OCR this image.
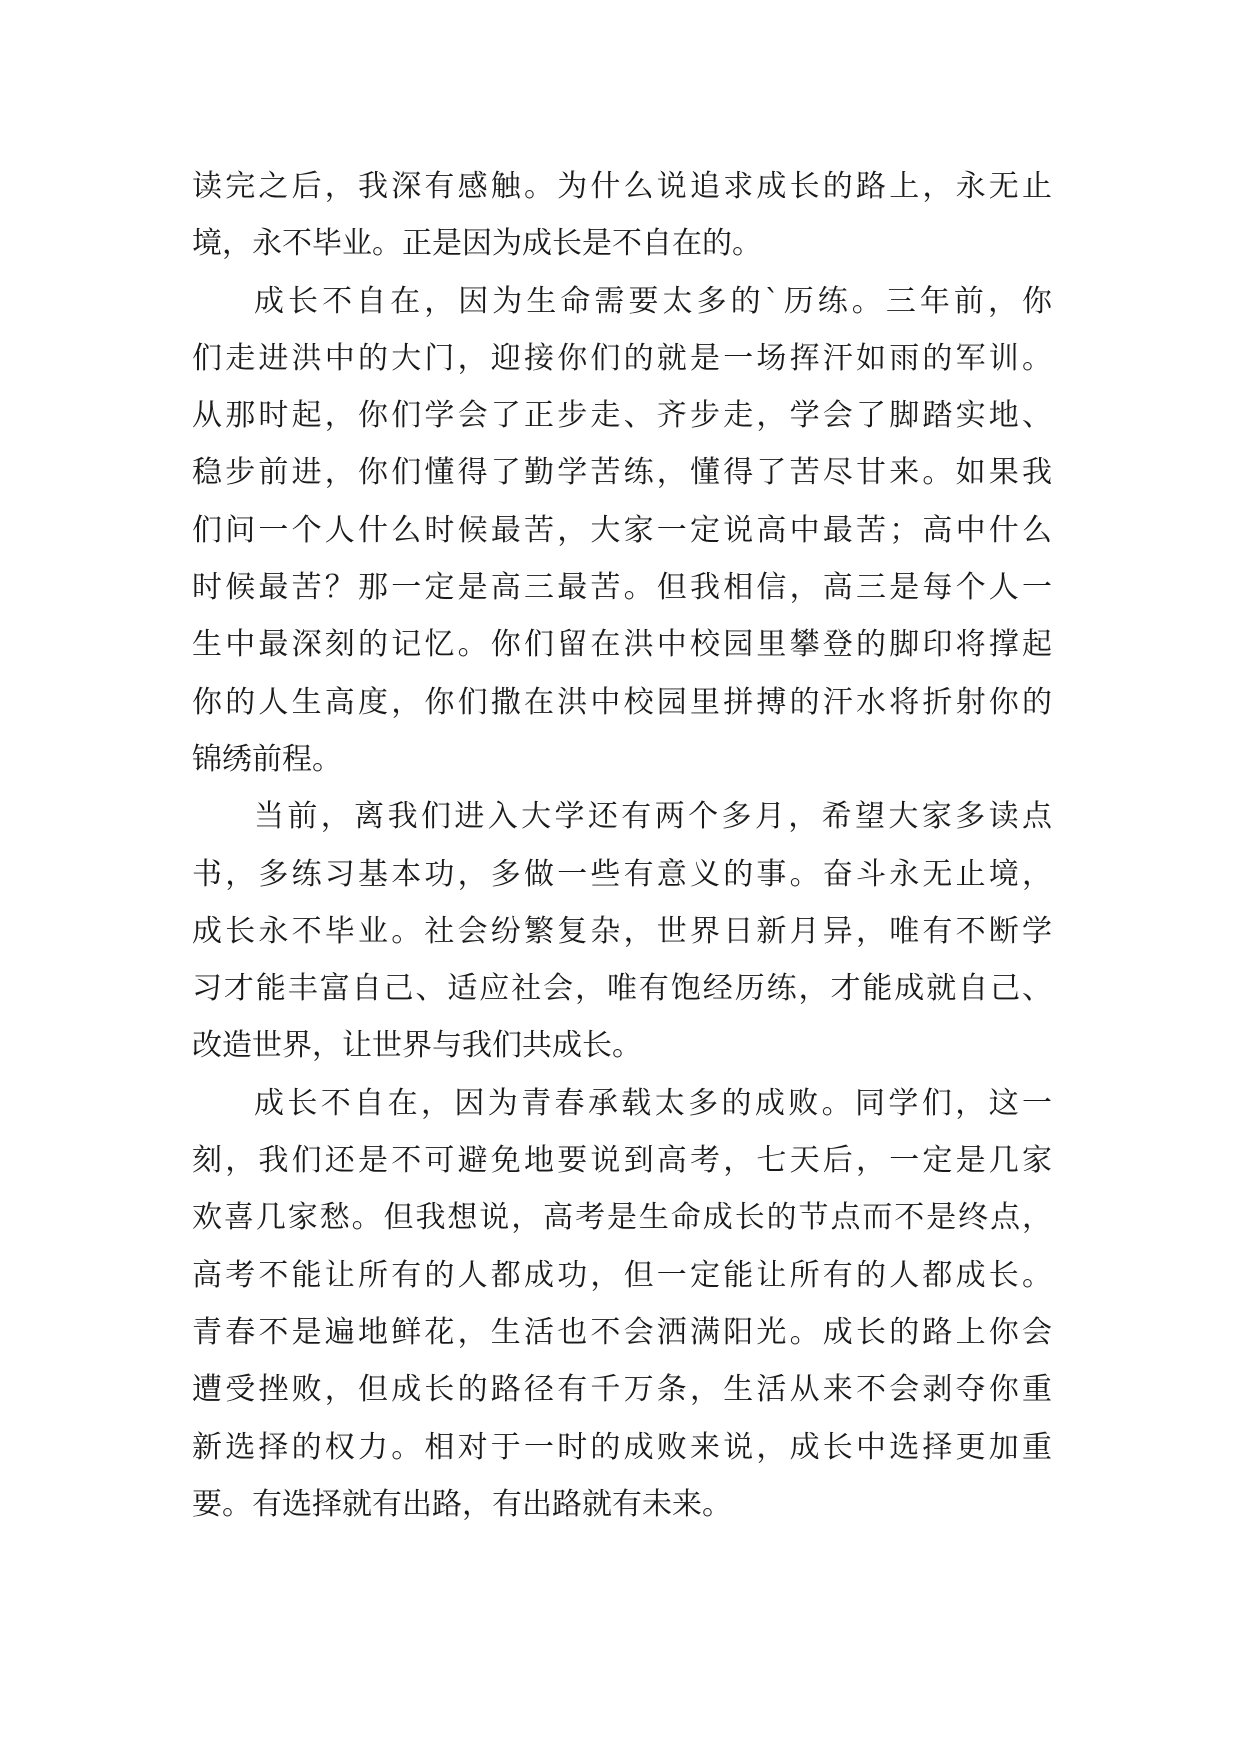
读完之后，我深有感触。为什么说追求成长的路上，永无止
境，永不毕业。正是因为成长是不自在的。
成长不自在，因为生命需要太多的`历练。三年前，你
们走进洪中的大门，迎接你们的就是一场挥汗如雨的军训。
从那时起，你们学会了正步走、齐步走，学会了脚踏实地、
稳步前进，你们懂得了勤学苦练，懂得了苦尽甘来。如果我
们问一个人什么时候最苦，大家一定说高中最苦；高中什么
时候最苦？那一定是高三最苦。但我相信，高三是每个人一
生中最深刻的记忆。你们留在洪中校园里攀登的脚印将撑起
你的人生高度，你们撒在洪中校园里拼搏的汗水将折射你的
锦绣前程。
当前，离我们进入大学还有两个多月，希望大家多读点
书，多练习基本功，多做一些有意义的事。奋斗永无止境，
成长永不毕业。社会纷繁复杂，世界日新月异，唯有不断学
习才能丰富自己、适应社会，唯有饱经历练，才能成就自己、
改造世界，让世界与我们共成长。
成长不自在，因为青春承载太多的成败。同学们，这一
刻，我们还是不可避免地要说到高考，七天后，一定是几家
欢喜几家愁。但我想说，高考是生命成长的节点而不是终点，
高考不能让所有的人都成功，但一定能让所有的人都成长。
青春不是遍地鲜花，生活也不会洒满阳光。成长的路上你会
遭受挫败，但成长的路径有千万条，生活从来不会剥夺你重
新选择的权力。相对于一时的成败来说，成长中选择更加重
要。有选择就有出路，有出路就有未来。
